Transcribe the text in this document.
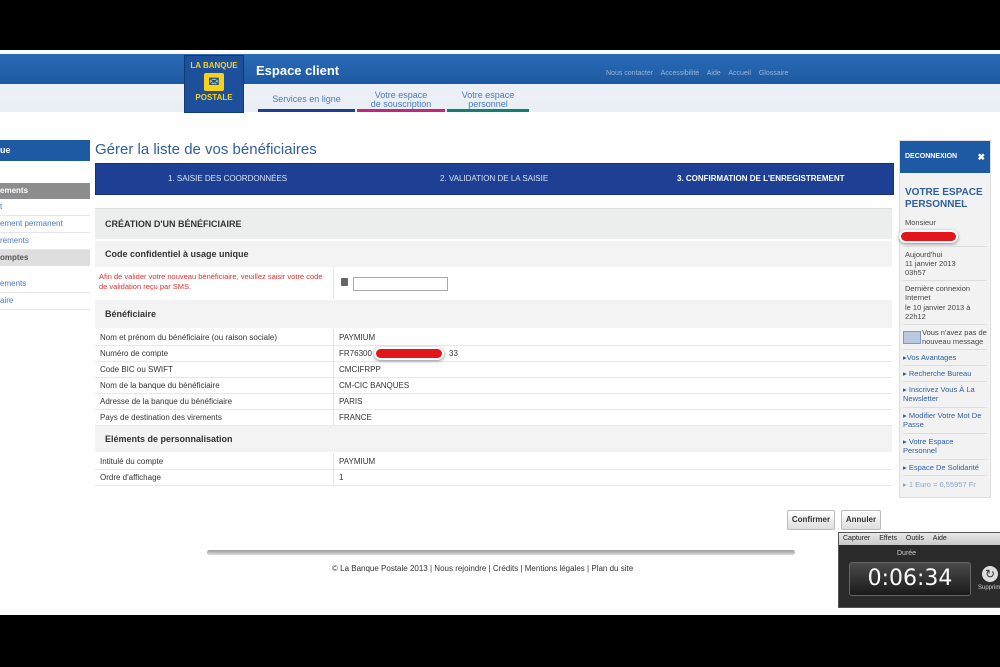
LA BANQUE
✉
POSTALE
Espace client	Nous contacter Accessibilité Aide Accueil Glossaire
Services en ligne	Votre espace
de souscription
Votre espace
personnel
ue
ements
t
ement permanent
rements
omptes
ements
aire
Gérer la liste de vos bénéficiaires
1. SAISIE DES COORDONNÉES	2. VALIDATION DE LA SAISIE	3. CONFIRMATION DE L'ENREGISTREMENT
CRÉATION D'UN BÉNÉFICIAIRE
Code confidentiel à usage unique
Afin de valider votre nouveau bénéficiaire, veuillez saisir votre code de validation reçu par SMS.
Bénéficiaire
Nom et prénom du bénéficiaire (ou raison sociale)	PAYMIUM
Numéro de compte	FR76300	33
Code BIC ou SWIFT	CMCIFRPP
Nom de la banque du bénéficiaire	CM-CIC BANQUES
Adresse de la banque du bénéficiaire	PARIS
Pays de destination des virements	FRANCE
Eléments de personnalisation
Intitulé du compte	PAYMIUM
Ordre d'affichage	1
Confirmer	Annuler
© La Banque Postale 2013 | Nous rejoindre | Crédits | Mentions légales | Plan du site
DECONNEXION ✖
VOTRE ESPACE PERSONNEL
Monsieur
Aujourd'hui
11 janvier 2013
03h57
Dernière connexion Internet
le 10 janvier 2013 à
22h12
Vous n'avez pas de nouveau message
▸Vos Avantages
▸ Recherche Bureau
▸ Inscrivez Vous À La Newsletter
▸ Modifier Votre Mot De Passe
▸ Votre Espace Personnel
▸ Espace De Solidarité
▸ 1 Euro = 6,55957 Fr
Capturer Effets Outils Aide
Durée
0:06:34	↻
Supprim
